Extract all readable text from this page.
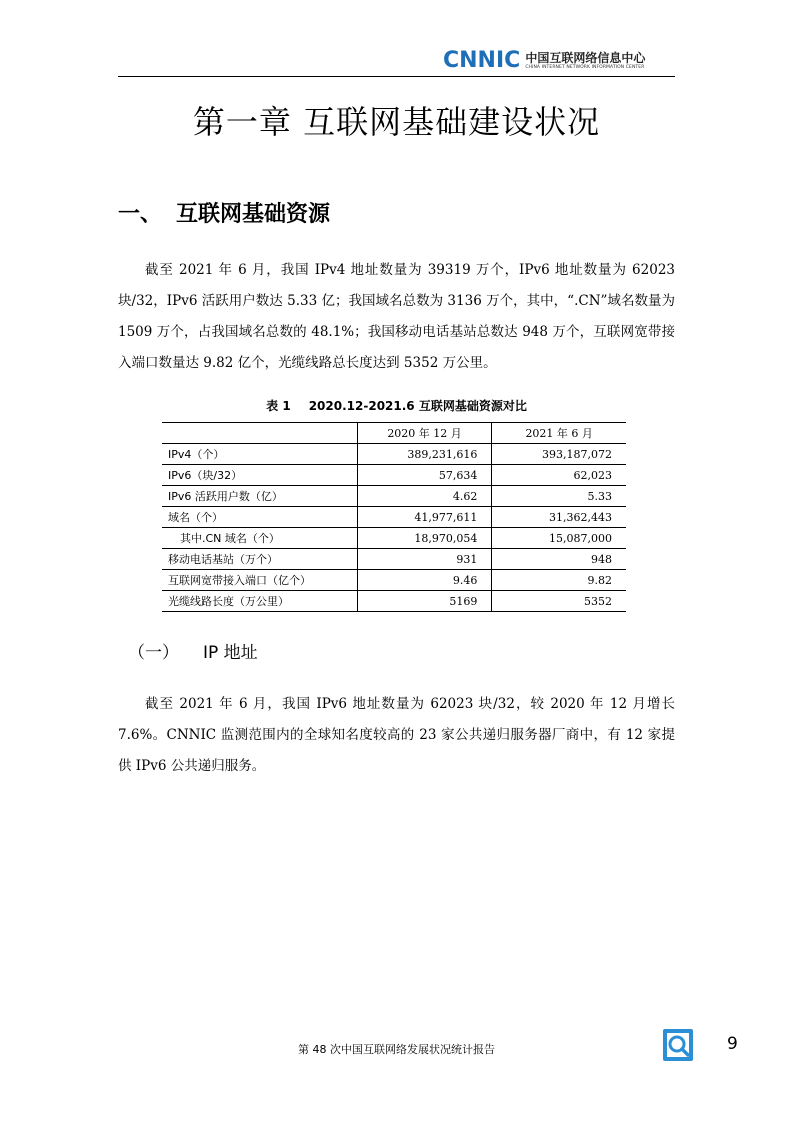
CNNIC 中国互联网络信息中心
CHINA INTERNET NETWORK INFORMATION CENTER
第一章 互联网基础建设状况
一、 互联网基础资源

截至 2021 年 6 月，我国 IPv4 地址数量为 39319 万个，IPv6 地址数量为 62023 块/32，IPv6 活跃用户数达 5.33 亿；我国域名总数为 3136 万个，其中，“.CN”域名数量为 1509 万个，占我国域名总数的 48.1%；我国移动电话基站总数达 948 万个，互联网宽带接入端口数量达 9.82 亿个，光缆线路总长度达到 5352 万公里。

表 1 2020.12-2021.6 互联网基础资源对比
	2020 年 12 月	2021 年 6 月
IPv4（个）	389,231,616	393,187,072
IPv6（块/32）	57,634	62,023
IPv6 活跃用户数（亿）	4.62	5.33
域名（个）	41,977,611	31,362,443
其中.CN 域名（个）	18,970,054	15,087,000
移动电话基站（万个）	931	948
互联网宽带接入端口（亿个）	9.46	9.82
光缆线路长度（万公里）	5169	5352
（一）	IP 地址

截至 2021 年 6 月，我国 IPv6 地址数量为 62023 块/32，较 2020 年 12 月增长 7.6%。CNNIC 监测范围内的全球知名度较高的 23 家公共递归服务器厂商中，有 12 家提供 IPv6 公共递归服务。

第 48 次中国互联网络发展状况统计报告	9
